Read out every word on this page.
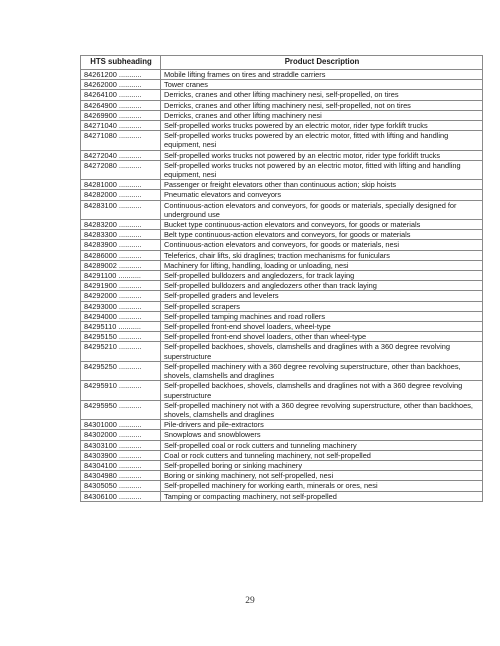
HTS subheading	Product Description
84261200 ...........	Mobile lifting frames on tires and straddle carriers
84262000 ...........	Tower cranes
84264100 ...........	Derricks, cranes and other lifting machinery nesi, self-propelled, on tires
84264900 ...........	Derricks, cranes and other lifting machinery nesi, self-propelled, not on tires
84269900 ...........	Derricks, cranes and other lifting machinery nesi
84271040 ...........	Self-propelled works trucks powered by an electric motor, rider type forklift trucks
84271080 ...........	Self-propelled works trucks powered by an electric motor, fitted with lifting and handling equipment, nesi
84272040 ...........	Self-propelled works trucks not powered by an electric motor, rider type forklift trucks
84272080 ...........	Self-propelled works trucks not powered by an electric motor, fitted with lifting and handling equipment, nesi
84281000 ...........	Passenger or freight elevators other than continuous action; skip hoists
84282000 ...........	Pneumatic elevators and conveyors
84283100 ...........	Continuous-action elevators and conveyors, for goods or materials, specially designed for underground use
84283200 ...........	Bucket type continuous-action elevators and conveyors, for goods or materials
84283300 ...........	Belt type continuous-action elevators and conveyors, for goods or materials
84283900 ...........	Continuous-action elevators and conveyors, for goods or materials, nesi
84286000 ...........	Teleferics, chair lifts, ski draglines; traction mechanisms for funiculars
84289002 ...........	Machinery for lifting, handling, loading or unloading, nesi
84291100 ...........	Self-propelled bulldozers and angledozers, for track laying
84291900 ...........	Self-propelled bulldozers and angledozers other than track laying
84292000 ...........	Self-propelled graders and levelers
84293000 ...........	Self-propelled scrapers
84294000 ...........	Self-propelled tamping machines and road rollers
84295110 ...........	Self-propelled front-end shovel loaders, wheel-type
84295150 ...........	Self-propelled front-end shovel loaders, other than wheel-type
84295210 ...........	Self-propelled backhoes, shovels, clamshells and draglines with a 360 degree revolving superstructure
84295250 ...........	Self-propelled machinery with a 360 degree revolving superstructure, other than backhoes, shovels, clamshells and draglines
84295910 ...........	Self-propelled backhoes, shovels, clamshells and draglines not with a 360 degree revolving superstructure
84295950 ...........	Self-propelled machinery not with a 360 degree revolving superstructure, other than backhoes, shovels, clamshells and draglines
84301000 ...........	Pile-drivers and pile-extractors
84302000 ...........	Snowplows and snowblowers
84303100 ...........	Self-propelled coal or rock cutters and tunneling machinery
84303900 ...........	Coal or rock cutters and tunneling machinery, not self-propelled
84304100 ...........	Self-propelled boring or sinking machinery
84304980 ...........	Boring or sinking machinery, not self-propelled, nesi
84305050 ...........	Self-propelled machinery for working earth, minerals or ores, nesi
84306100 ...........	Tamping or compacting machinery, not self-propelled
29
